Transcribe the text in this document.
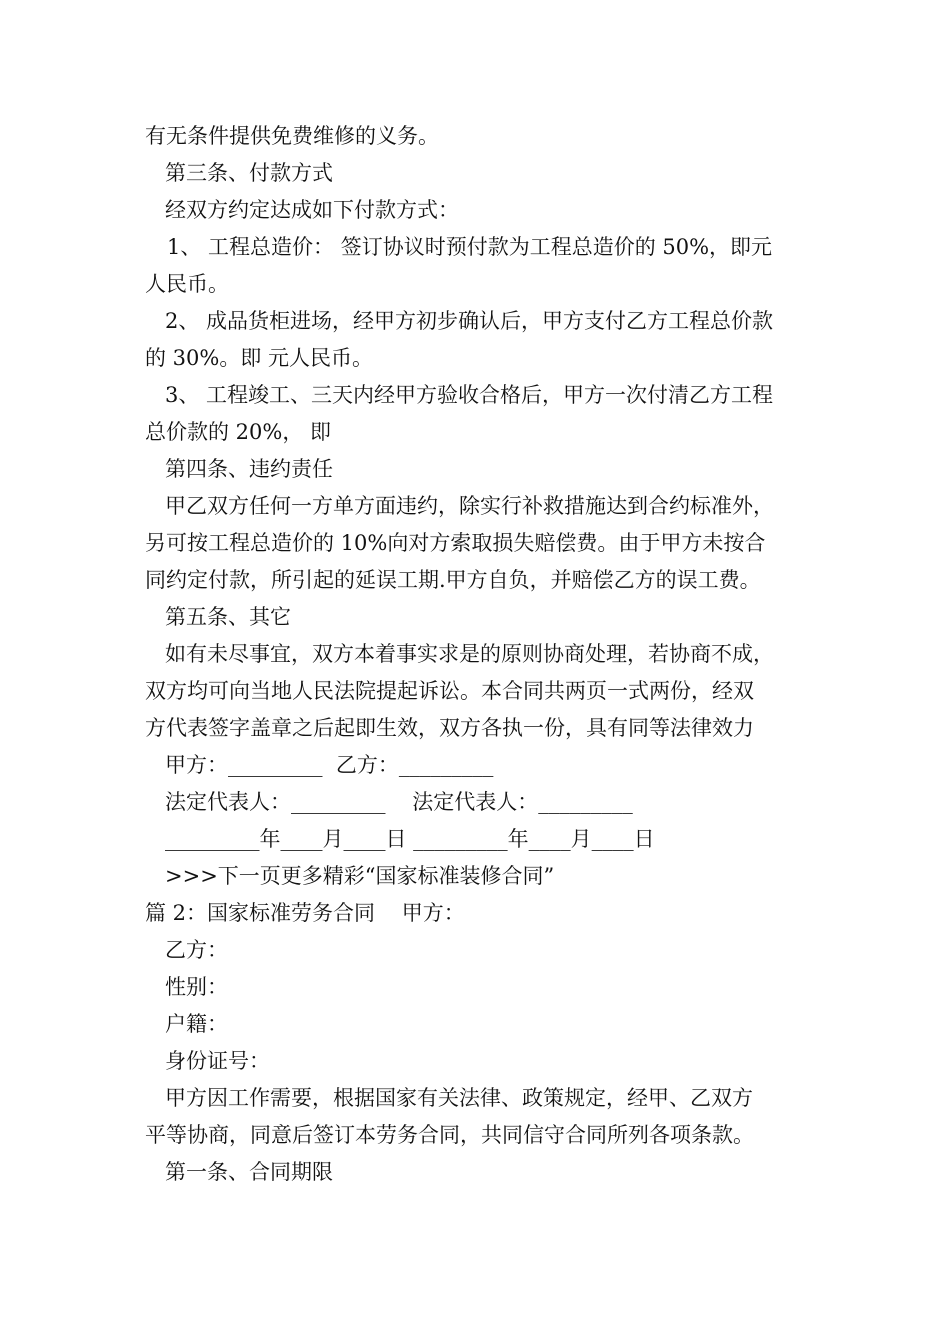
有无条件提供免费维修的义务。
第三条、付款方式
经双方约定达成如下付款方式：
1、 工程总造价： 签订协议时预付款为工程总造价的 50%，即元
人民币。
2、 成品货柜进场，经甲方初步确认后，甲方支付乙方工程总价款
的 30%。即 元人民币。
3、 工程竣工、三天内经甲方验收合格后，甲方一次付清乙方工程
总价款的 20%， 即
第四条、违约责任
甲乙双方任何一方单方面违约，除实行补救措施达到合约标准外，
另可按工程总造价的 10%向对方索取损失赔偿费。由于甲方未按合
同约定付款，所引起的延误工期.甲方自负，并赔偿乙方的误工费。
第五条、其它
如有未尽事宜，双方本着事实求是的原则协商处理，若协商不成，
双方均可向当地人民法院提起诉讼。本合同共两页一式两份，经双
方代表签字盖章之后起即生效，双方各执一份，具有同等法律效力
甲方：_________  乙方：_________
法定代表人：_________    法定代表人：_________
_________年____月____日 _________年____月____日
>>>下一页更多精彩“国家标准装修合同”
篇 2：国家标准劳务合同    甲方：
乙方：
性别：
户籍：
身份证号：
甲方因工作需要，根据国家有关法律、政策规定，经甲、乙双方
平等协商，同意后签订本劳务合同，共同信守合同所列各项条款。
第一条、合同期限
